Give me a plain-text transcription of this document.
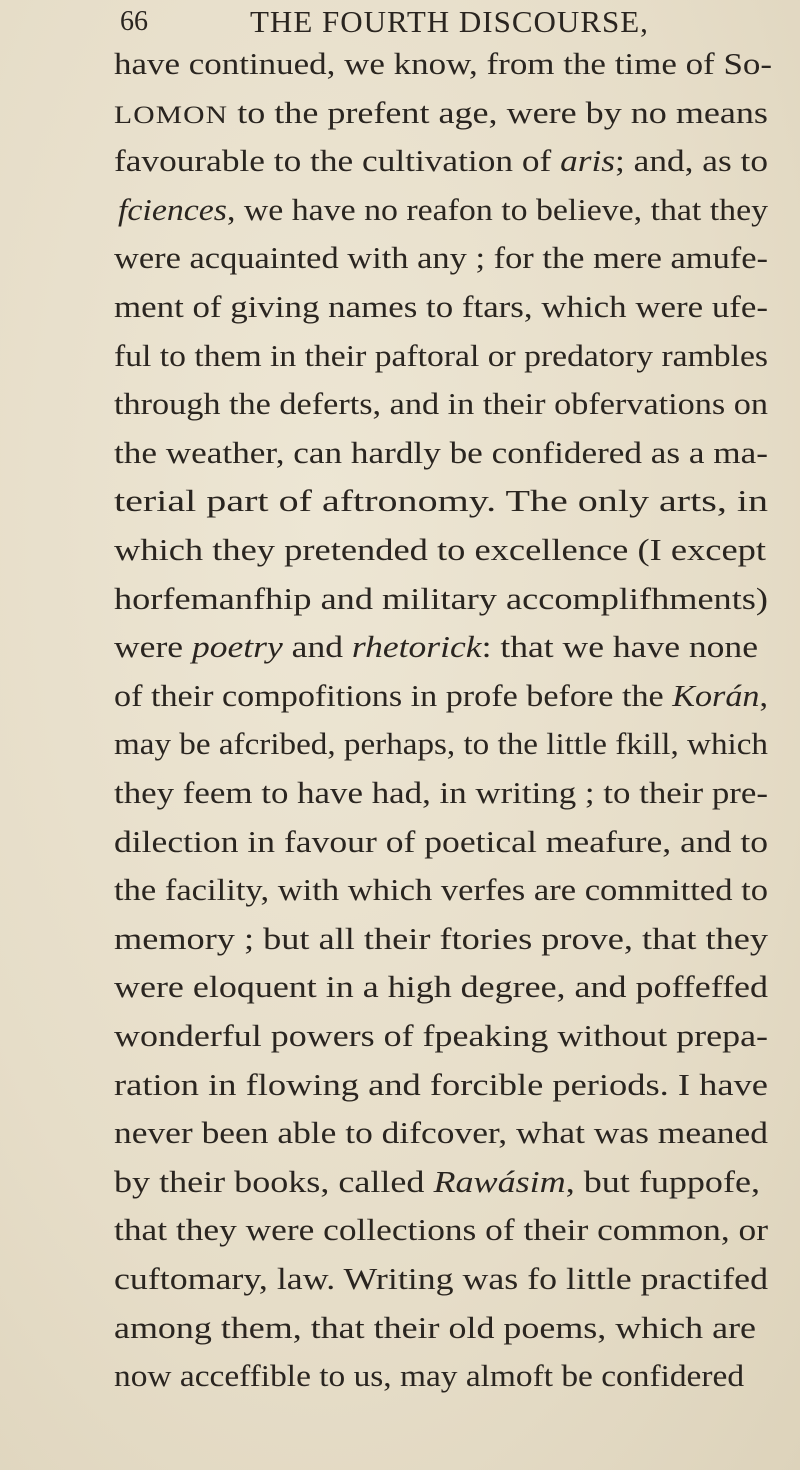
66	THE FOURTH DISCOURSE,
have continued, we know, from the time of So-
LOMON to the prefent age, were by no means
favourable to the cultivation of aris; and, as to
fciences, we have no reafon to believe, that they
were acquainted with any ; for the mere amufe-
ment of giving names to ftars, which were ufe-
ful to them in their paftoral or predatory rambles
through the deferts, and in their obfervations on
the weather, can hardly be confidered as a ma-
terial part of aftronomy. The only arts, in
which they pretended to excellence (I except
horfemanfhip and military accomplifhments)
were poetry and rhetorick: that we have none
of their compofitions in profe before the Korán,
may be afcribed, perhaps, to the little fkill, which
they feem to have had, in writing ; to their pre-
dilection in favour of poetical meafure, and to
the facility, with which verfes are committed to
memory ; but all their ftories prove, that they
were eloquent in a high degree, and poffeffed
wonderful powers of fpeaking without prepa-
ration in flowing and forcible periods. I have
never been able to difcover, what was meaned
by their books, called Rawásim, but fuppofe,
that they were collections of their common, or
cuftomary, law. Writing was fo little practifed
among them, that their old poems, which are
now acceffible to us, may almoft be confidered
